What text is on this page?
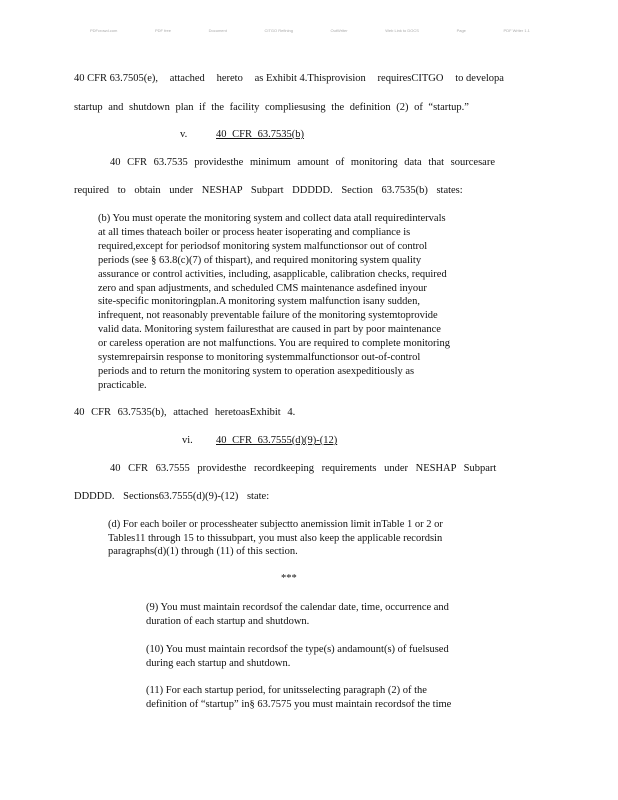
PDFcrowd.com	PDF free	Document	CITGO Refining	OutWriter	Web Link to DOCS	Page	PDF Writer 1.1
40 CFR 63.7505(e), attached hereto as Exhibit 4.Thisprovision requiresCITGO to developa
startup and shutdown plan if the facility compliesusing the definition (2) of “startup.”
v.	40 CFR 63.7535(b)
40 CFR 63.7535 providesthe minimum amount of monitoring data that sourcesare
required to obtain under NESHAP Subpart DDDDD. Section 63.7535(b) states:
(b) You must operate the monitoring system and collect data atall requiredintervals
at all times thateach boiler or process heater isoperating and compliance is
required,except for periodsof monitoring system malfunctionsor out of control
periods (see § 63.8(c)(7) of thispart), and required monitoring system quality
assurance or control activities, including, asapplicable, calibration checks, required
zero and span adjustments, and scheduled CMS maintenance asdefined inyour
site-specific monitoringplan.A monitoring system malfunction isany sudden,
infrequent, not reasonably preventable failure of the monitoring systemtoprovide
valid data. Monitoring system failuresthat are caused in part by poor maintenance
or careless operation are not malfunctions. You are required to complete monitoring
systemrepairsin response to monitoring systemmalfunctionsor out-of-control
periods and to return the monitoring system to operation asexpeditiously as
practicable.
40 CFR 63.7535(b), attached heretoasExhibit 4.
vi. 40 CFR 63.7555(d)(9)-(12)
40 CFR 63.7555 providesthe recordkeeping requirements under NESHAP Subpart
DDDDD. Sections63.7555(d)(9)-(12) state:
(d) For each boiler or processheater subjectto anemission limit inTable 1 or 2 or
Tables11 through 15 to thissubpart, you must also keep the applicable recordsin
paragraphs(d)(1) through (11) of this section.
***
(9) You must maintain recordsof the calendar date, time, occurrence and
duration of each startup and shutdown.
(10) You must maintain recordsof the type(s) andamount(s) of fuelsused
during each startup and shutdown.
(11) For each startup period, for unitsselecting paragraph (2) of the
definition of “startup” in§ 63.7575 you must maintain recordsof the time
